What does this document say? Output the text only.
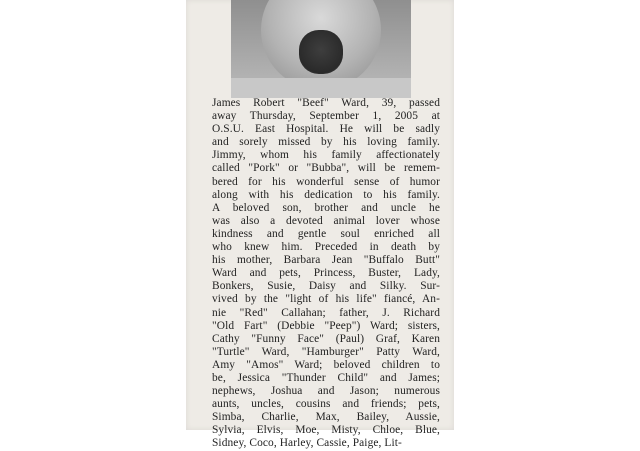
James Robert "Beef" Ward, 39, passed
away Thursday, September 1, 2005 at
O.S.U. East Hospital. He will be sadly
and sorely missed by his loving family.
Jimmy, whom his family affectionately
called "Pork" or "Bubba", will be remem-
bered for his wonderful sense of humor
along with his dedication to his family.
A beloved son, brother and uncle he
was also a devoted animal lover whose
kindness and gentle soul enriched all
who knew him. Preceded in death by
his mother, Barbara Jean "Buffalo Butt"
Ward and pets, Princess, Buster, Lady,
Bonkers, Susie, Daisy and Silky. Sur-
vived by the "light of his life" fiancé, An-
nie "Red" Callahan; father, J. Richard
"Old Fart" (Debbie "Peep") Ward; sisters,
Cathy "Funny Face" (Paul) Graf, Karen
"Turtle" Ward, "Hamburger" Patty Ward,
Amy "Amos" Ward; beloved children to
be, Jessica "Thunder Child" and James;
nephews, Joshua and Jason; numerous
aunts, uncles, cousins and friends; pets,
Simba, Charlie, Max, Bailey, Aussie,
Sylvia, Elvis, Moe, Misty, Chloe, Blue,
Sidney, Coco, Harley, Cassie, Paige, Lit-
